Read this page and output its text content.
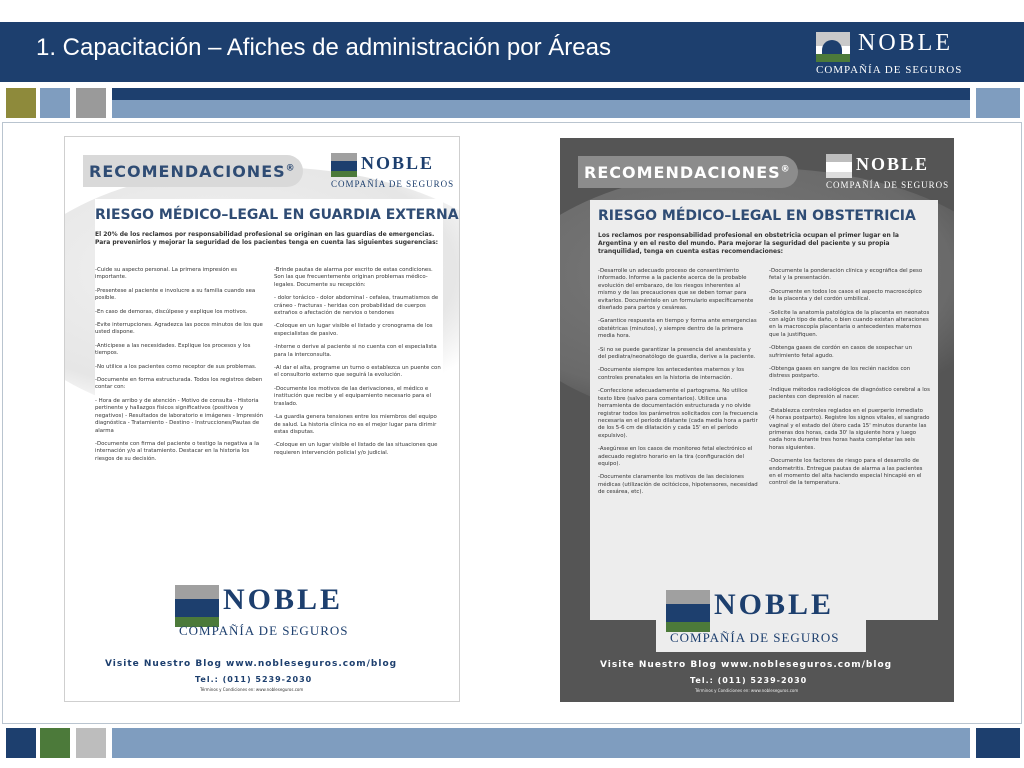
1. Capacitación – Afiches de administración por Áreas	NOBLE
COMPAÑÍA DE SEGUROS
RECOMENDACIONES®	NOBLE
COMPAÑÍA DE SEGUROS
RIESGO MÉDICO–LEGAL EN GUARDIA EXTERNA
El 20% de los reclamos por responsabilidad profesional se originan en las guardias de emergencias. Para prevenirlos y mejorar la seguridad de los pacientes tenga en cuenta las siguientes sugerencias:

-Cuide su aspecto personal. La primera impresión es importante.

-Presentese al paciente e involucre a su familia cuando sea posible.

-En caso de demoras, discúlpese y explique los motivos.

-Evite interrupciones. Agradezca las pocos minutos de los que usted dispone.

-Anticipese a las necesidades. Explique los procesos y los tiempos.

-No utilice a los pacientes como receptor de sus problemas.

-Documente en forma estructurada. Todos los registros deben contar con:

- Hora de arribo y de atención - Motivo de consulta - Historia pertinente y hallazgos físicos significativos (positivos y negativos) - Resultados de laboratorio e imágenes - Impresión diagnóstica - Tratamiento - Destino - Instrucciones/Pautas de alarma

-Documente con firma del paciente o testigo la negativa a la internación y/o al tratamiento. Destacar en la historia los riesgos de su decisión.

-Brinde pautas de alarma por escrito de estas condiciones. Son las que frecuentemente originan problemas médico-legales. Documente su recepción:

- dolor torácico - dolor abdominal - cefalea, traumatismos de cráneo - fracturas - heridas con probabilidad de cuerpos extraños o afectación de nervios o tendones

-Coloque en un lugar visible el listado y cronograma de los especialistas de pasivo.

-Interne o derive al paciente si no cuenta con el especialista para la interconsulta.

-Al dar el alta, programe un turno o establezca un puente con el consultorio externo que seguirá la evolución.

-Documente los motivos de las derivaciones, el médico e institución que recibe y el equipamiento necesario para el traslado.

-La guardia genera tensiones entre los miembros del equipo de salud. La historia clínica no es el mejor lugar para dirimir estas disputas.

-Coloque en un lugar visible el listado de las situaciones que requieren intervención policial y/o judicial.

NOBLE
COMPAÑÍA DE SEGUROS
Visite Nuestro Blog www.nobleseguros.com/blog
Tel.: (011) 5239-2030
Términos y Condiciones en: www.nobleseguros.com
RECOMENDACIONES®	NOBLE
COMPAÑÍA DE SEGUROS
RIESGO MÉDICO–LEGAL EN OBSTETRICIA
Los reclamos por responsabilidad profesional en obstetricia ocupan el primer lugar en la Argentina y en el resto del mundo. Para mejorar la seguridad del paciente y su propia tranquilidad, tenga en cuenta estas recomendaciones:

-Desarrolle un adecuado proceso de consentimiento informado. Informe a la paciente acerca de la probable evolución del embarazo, de los riesgos inherentes al mismo y de las precauciones que se deben tomar para evitarlos. Documéntelo en un formulario específicamente diseñado para partos y cesáreas.

-Garantice respuesta en tiempo y forma ante emergencias obstétricas (minutos), y siempre dentro de la primera media hora.

-Si no se puede garantizar la presencia del anestesista y del pediatra/neonatólogo de guardia, derive a la paciente.

-Documente siempre los antecedentes maternos y los controles prenatales en la historia de internación.

-Confeccione adecuadamente el partograma. No utilice texto libre (salvo para comentarios). Utilice una herramienta de documentación estructurada y no olvide registrar todos los parámetros solicitados con la frecuencia necesaria en el período dilatante (cada media hora a partir de los 5-6 cm de dilatación y cada 15' en el período expulsivo).

-Asegúrese en los casos de monitoreo fetal electrónico el adecuado registro horario en la tira (configuración del equipo).

-Documente claramente los motivos de las decisiones médicas (utilización de ocitócicos, hipotensores, necesidad de cesárea, etc).

-Documente la ponderación clínica y ecográfica del peso fetal y la presentación.

-Documente en todos los casos el aspecto macroscópico de la placenta y del cordón umbilical.

-Solicite la anatomía patológica de la placenta en neonatos con algún tipo de daño, o bien cuando existan alteraciones en la macroscopía placentaria o antecedentes maternos que la justifiquen.

-Obtenga gases de cordón en casos de sospechar un sufrimiento fetal agudo.

-Obtenga gases en sangre de los recién nacidos con distress postparto.

-Indique métodos radiológicos de diagnóstico cerebral a los pacientes con depresión al nacer.

-Establezca controles reglados en el puerperio inmediato (4 horas postparto). Registre los signos vitales, el sangrado vaginal y el estado del útero cada 15' minutos durante las primeras dos horas, cada 30' la siguiente hora y luego cada hora durante tres horas hasta completar las seis horas siguientes.

-Documente los factores de riesgo para el desarrollo de endometritis. Entregue pautas de alarma a las pacientes en el momento del alta haciendo especial hincapié en el control de la temperatura.

NOBLE
COMPAÑÍA DE SEGUROS
Visite Nuestro Blog www.nobleseguros.com/blog
Tel.: (011) 5239-2030
Términos y Condiciones en: www.nobleseguros.com
